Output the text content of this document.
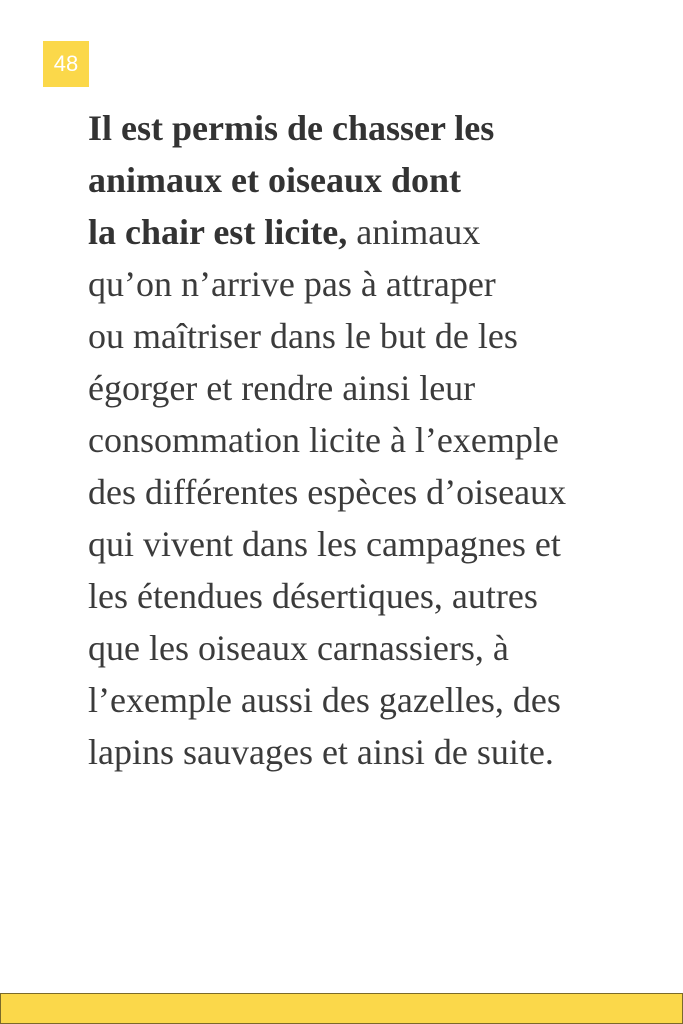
48

Il est permis de chasser les
animaux et oiseaux dont
la chair est licite, animaux
qu’on n’arrive pas à attraper
ou maîtriser dans le but de les
égorger et rendre ainsi leur
consommation licite à l’exemple
des différentes espèces d’oiseaux
qui vivent dans les campagnes et
les étendues désertiques, autres
que les oiseaux carnassiers, à
l’exemple aussi des gazelles, des
lapins sauvages et ainsi de suite.
